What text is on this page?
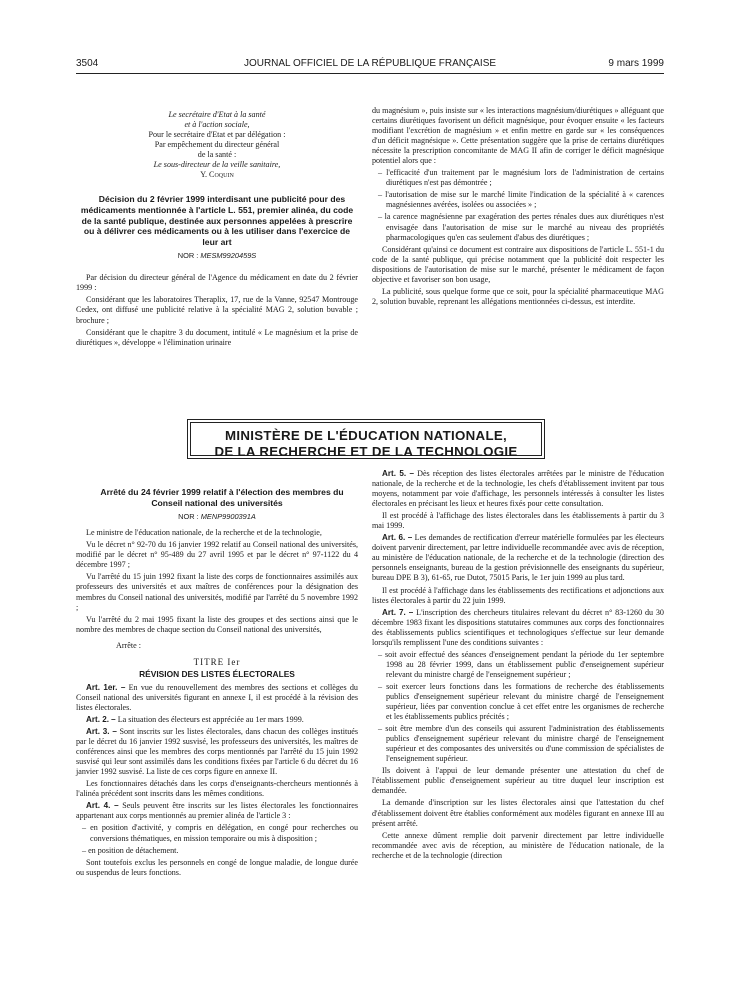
3504	JOURNAL OFFICIEL DE LA RÉPUBLIQUE FRANÇAISE	9 mars 1999
Le secrétaire d'Etat à la santé
et à l'action sociale,
Pour le secrétaire d'Etat et par délégation :
Par empêchement du directeur général
de la santé :
Le sous-directeur de la veille sanitaire,
Y. Coquin

Décision du 2 février 1999 interdisant une publicité pour des médicaments mentionnée à l'article L. 551, premier alinéa, du code de la santé publique, destinée aux personnes appelées à prescrire ou à délivrer ces médicaments ou à les utiliser dans l'exercice de leur art

NOR : MESM9920459S

Par décision du directeur général de l'Agence du médicament en date du 2 février 1999 :

Considérant que les laboratoires Theraplix, 17, rue de la Vanne, 92547 Montrouge Cedex, ont diffusé une publicité relative à la spécialité MAG 2, solution buvable ; brochure ;

Considérant que le chapitre 3 du document, intitulé « Le magnésium et la prise de diurétiques », développe « l'élimination urinaire

du magnésium », puis insiste sur « les interactions magnésium/diurétiques » alléguant que certains diurétiques favorisent un déficit magnésique, pour évoquer ensuite « les facteurs modifiant l'excrétion de magnésium » et enfin mettre en garde sur « les conséquences d'un déficit magnésique ». Cette présentation suggère que la prise de certains diurétiques nécessite la prescription concomitante de MAG II afin de corriger le déficit magnésique potentiel alors que :

– l'efficacité d'un traitement par le magnésium lors de l'administration de certains diurétiques n'est pas démontrée ;

– l'autorisation de mise sur le marché limite l'indication de la spécialité à « carences magnésiennes avérées, isolées ou associées » ;

– la carence magnésienne par exagération des pertes rénales dues aux diurétiques n'est envisagée dans l'autorisation de mise sur le marché au niveau des propriétés pharmacologiques qu'en cas seulement d'abus des diurétiques ;

Considérant qu'ainsi ce document est contraire aux dispositions de l'article L. 551-1 du code de la santé publique, qui précise notamment que la publicité doit respecter les dispositions de l'autorisation de mise sur le marché, présenter le médicament de façon objective et favoriser son bon usage,

La publicité, sous quelque forme que ce soit, pour la spécialité pharmaceutique MAG 2, solution buvable, reprenant les allégations mentionnées ci-dessus, est interdite.

MINISTÈRE DE L'ÉDUCATION NATIONALE,
DE LA RECHERCHE ET DE LA TECHNOLOGIE

Arrêté du 24 février 1999 relatif à l'élection des membres du Conseil national des universités

NOR : MENP9900391A

Le ministre de l'éducation nationale, de la recherche et de la technologie,

Vu le décret n° 92-70 du 16 janvier 1992 relatif au Conseil national des universités, modifié par le décret n° 95-489 du 27 avril 1995 et par le décret n° 97-1122 du 4 décembre 1997 ;

Vu l'arrêté du 15 juin 1992 fixant la liste des corps de fonctionnaires assimilés aux professeurs des universités et aux maîtres de conférences pour la désignation des membres du Conseil national des universités, modifié par l'arrêté du 5 novembre 1992 ;

Vu l'arrêté du 2 mai 1995 fixant la liste des groupes et des sections ainsi que le nombre des membres de chaque section du Conseil national des universités,

Arrête :

TITRE Ier
RÉVISION DES LISTES ÉLECTORALES

Art. 1er. – En vue du renouvellement des membres des sections et collèges du Conseil national des universités figurant en annexe I, il est procédé à la révision des listes électorales.

Art. 2. – La situation des électeurs est appréciée au 1er mars 1999.

Art. 3. – Sont inscrits sur les listes électorales, dans chacun des collèges institués par le décret du 16 janvier 1992 susvisé, les professeurs des universités, les maîtres de conférences ainsi que les membres des corps mentionnés par l'arrêté du 15 juin 1992 susvisé qui leur sont assimilés dans les conditions fixées par l'article 6 du décret du 16 janvier 1992 susvisé. La liste de ces corps figure en annexe II.

Les fonctionnaires détachés dans les corps d'enseignants-chercheurs mentionnés à l'alinéa précédent sont inscrits dans les mêmes conditions.

Art. 4. – Seuls peuvent être inscrits sur les listes électorales les fonctionnaires appartenant aux corps mentionnés au premier alinéa de l'article 3 :

– en position d'activité, y compris en délégation, en congé pour recherches ou conversions thématiques, en mission temporaire ou mis à disposition ;

– en position de détachement.

Sont toutefois exclus les personnels en congé de longue maladie, de longue durée ou suspendus de leurs fonctions.

Art. 5. – Dès réception des listes électorales arrêtées par le ministre de l'éducation nationale, de la recherche et de la technologie, les chefs d'établissement invitent par tous moyens, notamment par voie d'affichage, les personnels intéressés à consulter les listes électorales en précisant les lieux et heures fixés pour cette consultation.

Il est procédé à l'affichage des listes électorales dans les établissements à partir du 3 mai 1999.

Art. 6. – Les demandes de rectification d'erreur matérielle formulées par les électeurs doivent parvenir directement, par lettre individuelle recommandée avec avis de réception, au ministère de l'éducation nationale, de la recherche et de la technologie (direction des personnels enseignants, bureau de la gestion prévisionnelle des enseignants du supérieur, bureau DPE B 3), 61-65, rue Dutot, 75015 Paris, le 1er juin 1999 au plus tard.

Il est procédé à l'affichage dans les établissements des rectifications et adjonctions aux listes électorales à partir du 22 juin 1999.

Art. 7. – L'inscription des chercheurs titulaires relevant du décret n° 83-1260 du 30 décembre 1983 fixant les dispositions statutaires communes aux corps des fonctionnaires des établissements publics scientifiques et technologiques s'effectue sur leur demande lorsqu'ils remplissent l'une des conditions suivantes :

– soit avoir effectué des séances d'enseignement pendant la période du 1er septembre 1998 au 28 février 1999, dans un établissement public d'enseignement supérieur relevant du ministre chargé de l'enseignement supérieur ;

– soit exercer leurs fonctions dans les formations de recherche des établissements publics d'enseignement supérieur relevant du ministre chargé de l'enseignement supérieur, liées par convention conclue à cet effet entre les organismes de recherche et les établissements publics précités ;

– soit être membre d'un des conseils qui assurent l'administration des établissements publics d'enseignement supérieur relevant du ministre chargé de l'enseignement supérieur et des composantes des universités ou d'une commission de spécialistes de l'enseignement supérieur.

Ils doivent à l'appui de leur demande présenter une attestation du chef de l'établissement public d'enseignement supérieur au titre duquel leur inscription est demandée.

La demande d'inscription sur les listes électorales ainsi que l'attestation du chef d'établissement doivent être établies conformément aux modèles figurant en annexe III au présent arrêté.

Cette annexe dûment remplie doit parvenir directement par lettre individuelle recommandée avec avis de réception, au ministère de l'éducation nationale, de la recherche et de la technologie (direction
